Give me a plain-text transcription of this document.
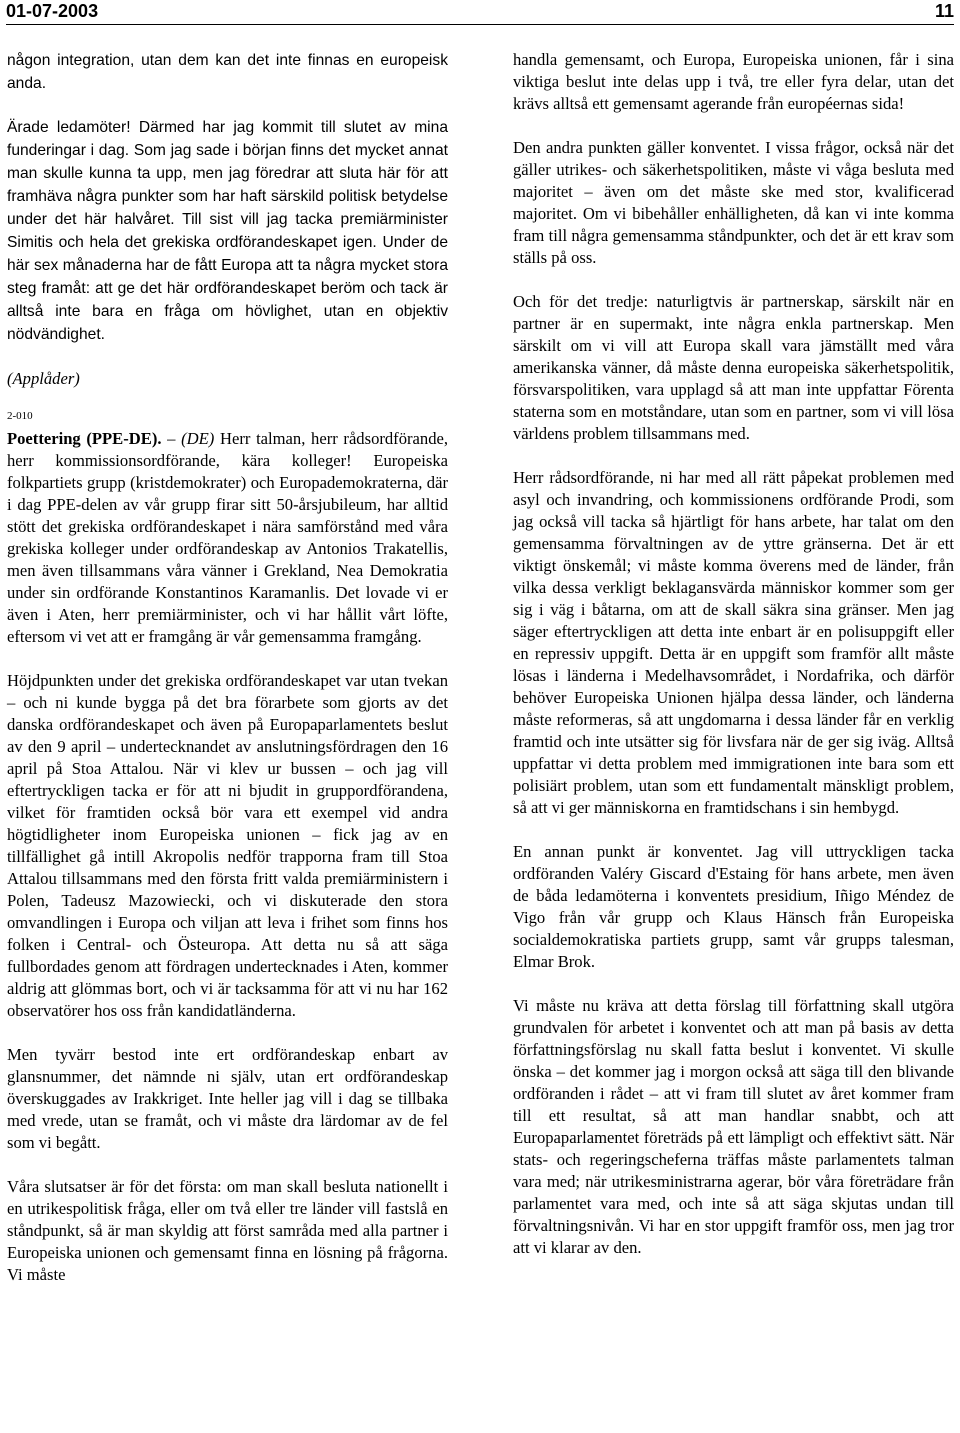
01-07-2003	11

någon integration, utan dem kan det inte finnas en europeisk anda.

Ärade ledamöter! Därmed har jag kommit till slutet av mina funderingar i dag. Som jag sade i början finns det mycket annat man skulle kunna ta upp, men jag föredrar att sluta här för att framhäva några punkter som har haft särskild politisk betydelse under det här halvåret. Till sist vill jag tacka premiärminister Simitis och hela det grekiska ordförandeskapet igen. Under de här sex månaderna har de fått Europa att ta några mycket stora steg framåt: att ge det här ordförandeskapet beröm och tack är alltså inte bara en fråga om hövlighet, utan en objektiv nödvändighet.

(Applåder)

2-010

Poettering (PPE-DE). – (DE) Herr talman, herr rådsordförande, herr kommissionsordförande, kära kolleger! Europeiska folkpartiets grupp (kristdemokrater) och Europademokraterna, där i dag PPE-delen av vår grupp firar sitt 50-årsjubileum, har alltid stött det grekiska ordförandeskapet i nära samförstånd med våra grekiska kolleger under ordförandeskap av Antonios Trakatellis, men även tillsammans våra vänner i Grekland, Nea Demokratia under sin ordförande Konstantinos Karamanlis. Det lovade vi er även i Aten, herr premiärminister, och vi har hållit vårt löfte, eftersom vi vet att er framgång är vår gemensamma framgång.

Höjdpunkten under det grekiska ordförandeskapet var utan tvekan – och ni kunde bygga på det bra förarbete som gjorts av det danska ordförandeskapet och även på Europaparlamentets beslut av den 9 april – undertecknandet av anslutningsfördragen den 16 april på Stoa Attalou. När vi klev ur bussen – och jag vill eftertryckligen tacka er för att ni bjudit in gruppordförandena, vilket för framtiden också bör vara ett exempel vid andra högtidligheter inom Europeiska unionen – fick jag av en tillfällighet gå intill Akropolis nedför trapporna fram till Stoa Attalou tillsammans med den första fritt valda premiärministern i Polen, Tadeusz Mazowiecki, och vi diskuterade den stora omvandlingen i Europa och viljan att leva i frihet som finns hos folken i Central- och Östeuropa. Att detta nu så att säga fullbordades genom att fördragen undertecknades i Aten, kommer aldrig att glömmas bort, och vi är tacksamma för att vi nu har 162 observatörer hos oss från kandidatländerna.

Men tyvärr bestod inte ert ordförandeskap enbart av glansnummer, det nämnde ni själv, utan ert ordförandeskap överskuggades av Irakkriget. Inte heller jag vill i dag se tillbaka med vrede, utan se framåt, och vi måste dra lärdomar av de fel som vi begått.

Våra slutsatser är för det första: om man skall besluta nationellt i en utrikespolitisk fråga, eller om två eller tre länder vill fastslå en ståndpunkt, så är man skyldig att först samråda med alla partner i Europeiska unionen och gemensamt finna en lösning på frågorna. Vi måste

handla gemensamt, och Europa, Europeiska unionen, får i sina viktiga beslut inte delas upp i två, tre eller fyra delar, utan det krävs alltså ett gemensamt agerande från européernas sida!

Den andra punkten gäller konventet. I vissa frågor, också när det gäller utrikes- och säkerhetspolitiken, måste vi våga besluta med majoritet – även om det måste ske med stor, kvalificerad majoritet. Om vi bibehåller enhälligheten, då kan vi inte komma fram till några gemensamma ståndpunkter, och det är ett krav som ställs på oss.

Och för det tredje: naturligtvis är partnerskap, särskilt när en partner är en supermakt, inte några enkla partnerskap. Men särskilt om vi vill att Europa skall vara jämställt med våra amerikanska vänner, då måste denna europeiska säkerhetspolitik, försvarspolitiken, vara upplagd så att man inte uppfattar Förenta staterna som en motståndare, utan som en partner, som vi vill lösa världens problem tillsammans med.

Herr rådsordförande, ni har med all rätt påpekat problemen med asyl och invandring, och kommissionens ordförande Prodi, som jag också vill tacka så hjärtligt för hans arbete, har talat om den gemensamma förvaltningen av de yttre gränserna. Det är ett viktigt önskemål; vi måste komma överens med de länder, från vilka dessa verkligt beklagansvärda människor kommer som ger sig i väg i båtarna, om att de skall säkra sina gränser. Men jag säger eftertryckligen att detta inte enbart är en polisuppgift eller en repressiv uppgift. Detta är en uppgift som framför allt måste lösas i länderna i Medelhavsområdet, i Nordafrika, och därför behöver Europeiska Unionen hjälpa dessa länder, och länderna måste reformeras, så att ungdomarna i dessa länder får en verklig framtid och inte utsätter sig för livsfara när de ger sig iväg. Alltså uppfattar vi detta problem med immigrationen inte bara som ett polisiärt problem, utan som ett fundamentalt mänskligt problem, så att vi ger människorna en framtidschans i sin hembygd.

En annan punkt är konventet. Jag vill uttryckligen tacka ordföranden Valéry Giscard d'Estaing för hans arbete, men även de båda ledamöterna i konventets presidium, Iñigo Méndez de Vigo från vår grupp och Klaus Hänsch från Europeiska socialdemokratiska partiets grupp, samt vår grupps talesman, Elmar Brok.

Vi måste nu kräva att detta förslag till författning skall utgöra grundvalen för arbetet i konventet och att man på basis av detta författningsförslag nu skall fatta beslut i konventet. Vi skulle önska – det kommer jag i morgon också att säga till den blivande ordföranden i rådet – att vi fram till slutet av året kommer fram till ett resultat, så att man handlar snabbt, och att Europaparlamentet företräds på ett lämpligt och effektivt sätt. När stats- och regeringscheferna träffas måste parlamentets talman vara med; när utrikesministrarna agerar, bör våra företrädare från parlamentet vara med, och inte så att säga skjutas undan till förvaltningsnivån. Vi har en stor uppgift framför oss, men jag tror att vi klarar av den.
